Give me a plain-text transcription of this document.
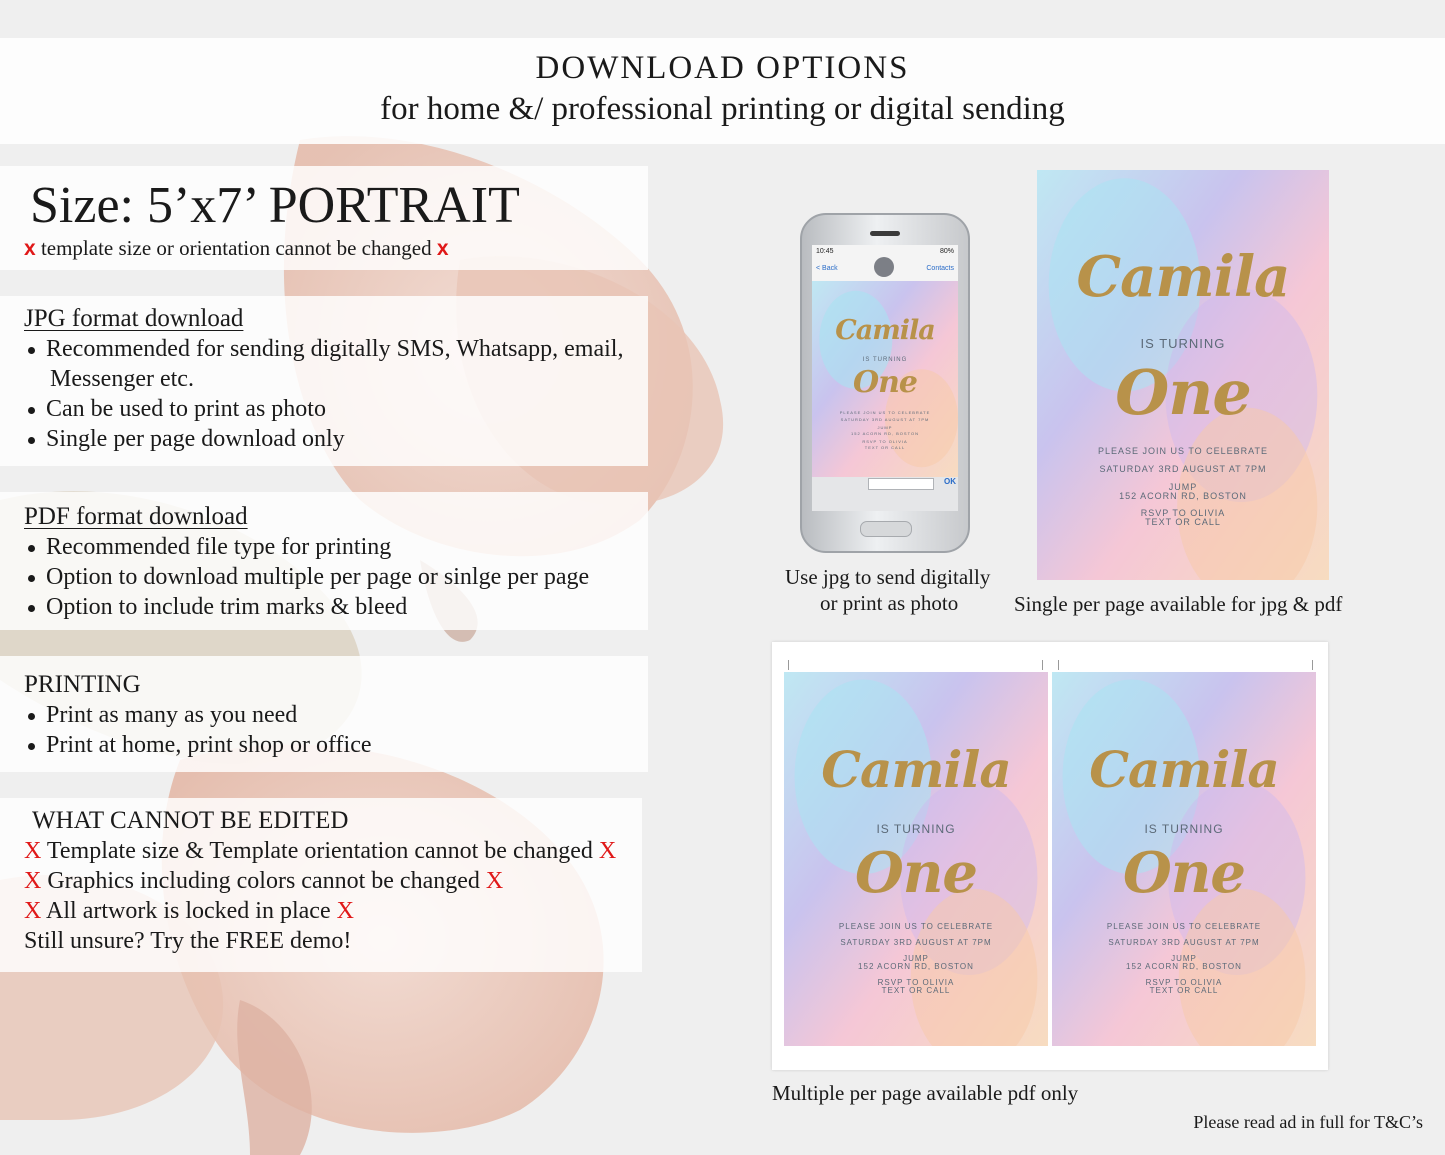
DOWNLOAD OPTIONS
for home &/ professional printing or digital sending
Size: 5’x7’ PORTRAIT
x template size or orientation cannot be changed x
JPG format download
Recommended for sending digitally SMS, Whatsapp, email,
Messenger etc.
Can be used to print as photo
Single per page download only
PDF format download
Recommended file type for printing
Option to download multiple per page or sinlge per page
Option to include trim marks & bleed
PRINTING
Print as many as you need
Print at home, print shop or office
WHAT CANNOT BE EDITED
X Template size & Template orientation cannot be changed X
X Graphics including colors cannot be changed X
X All artwork is locked in place X
Still unsure? Try the FREE demo!
10:45	80%
< Back	Contacts
Camila
IS TURNING
One
PLEASE JOIN US TO CELEBRATE
SATURDAY 3RD AUGUST AT 7PM
JUMP
152 ACORN RD, BOSTON
RSVP TO OLIVIA
TEXT OR CALL
OK
Use jpg to send digitally
or print as photo
Camila
IS TURNING
One
PLEASE JOIN US TO CELEBRATE
SATURDAY 3RD AUGUST AT 7PM
JUMP
152 ACORN RD, BOSTON
RSVP TO OLIVIA
TEXT OR CALL
Single per page available for jpg & pdf
Camila
IS TURNING
One
PLEASE JOIN US TO CELEBRATE
SATURDAY 3RD AUGUST AT 7PM
JUMP
152 ACORN RD, BOSTON
RSVP TO OLIVIA
TEXT OR CALL
Camila
IS TURNING
One
PLEASE JOIN US TO CELEBRATE
SATURDAY 3RD AUGUST AT 7PM
JUMP
152 ACORN RD, BOSTON
RSVP TO OLIVIA
TEXT OR CALL
Multiple per page available pdf only
Please read ad in full for T&C’s
